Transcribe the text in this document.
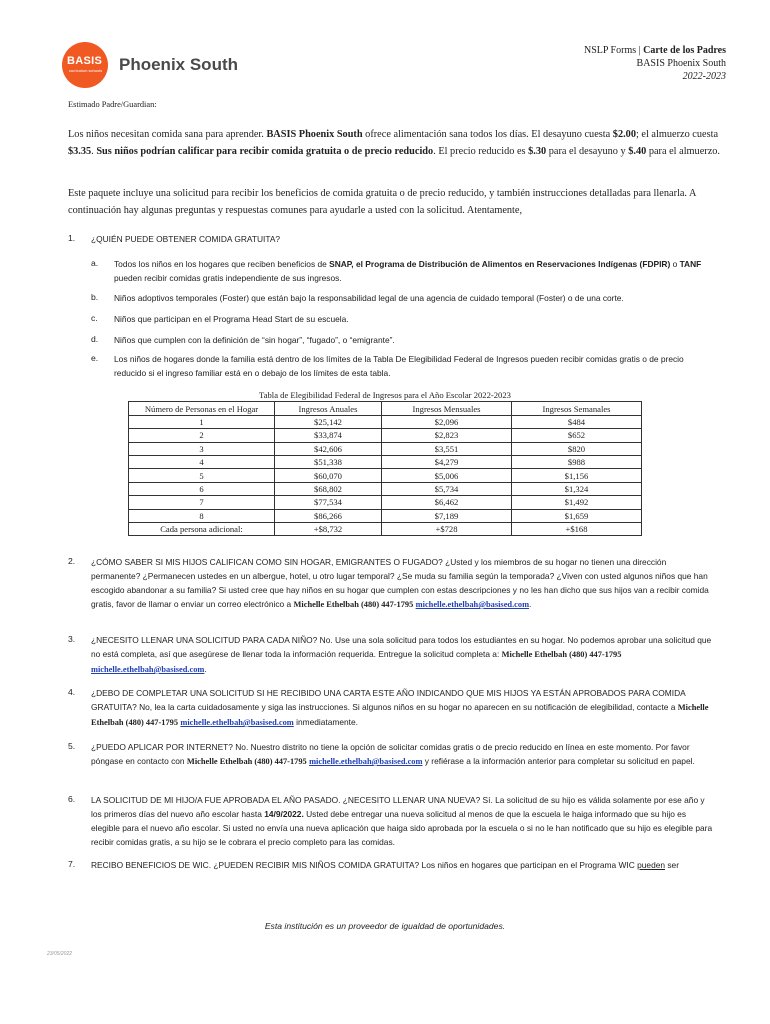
BASIS
curriculum schools Phoenix South
NSLP Forms | Carte de los Padres
BASIS Phoenix South
2022-2023
Estimado Padre/Guardian:
Los niños necesitan comida sana para aprender. BASIS Phoenix South ofrece alimentación sana todos los días. El desayuno cuesta $2.00; el almuerzo cuesta $3.35. Sus niños podrían calificar para recibir comida gratuita o de precio reducido. El precio reducido es $.30 para el desayuno y $.40 para el almuerzo.
Este paquete incluye una solicitud para recibir los beneficios de comida gratuita o de precio reducido, y también instrucciones detalladas para llenarla. A continuación hay algunas preguntas y respuestas comunes para ayudarle a usted con la solicitud. Atentamente,
1. ¿QUIÉN PUEDE OBTENER COMIDA GRATUITA?
a. Todos los niños en los hogares que reciben beneficios de SNAP, el Programa de Distribución de Alimentos en Reservaciones Indígenas (FDPIR) o TANF pueden recibir comidas gratis independiente de sus ingresos.
b. Niños adoptivos temporales (Foster) que están bajo la responsabilidad legal de una agencia de cuidado temporal (Foster) o de una corte.
c. Niños que participan en el Programa Head Start de su escuela.
d. Niños que cumplen con la definición de “sin hogar”, “fugado”, o “emigrante”.
e. Los niños de hogares donde la familia está dentro de los límites de la Tabla De Elegibilidad Federal de Ingresos pueden recibir comidas gratis o de precio reducido si el ingreso familiar está en o debajo de los límites de esta tabla.
Tabla de Elegibilidad Federal de Ingresos para el Año Escolar 2022-2023			
Número de Personas en el Hogar	Ingresos Anuales	Ingresos Mensuales	Ingresos Semanales
1	$25,142	$2,096	$484
2	$33,874	$2,823	$652
3	$42,606	$3,551	$820
4	$51,338	$4,279	$988
5	$60,070	$5,006	$1,156
6	$68,802	$5,734	$1,324
7	$77,534	$6,462	$1,492
8	$86,266	$7,189	$1,659
Cada persona adicional:	+$8,732	+$728	+$168
2. ¿CÓMO SABER SI MIS HIJOS CALIFICAN COMO SIN HOGAR, EMIGRANTES O FUGADO? ¿Usted y los miembros de su hogar no tienen una dirección permanente? ¿Permanecen ustedes en un albergue, hotel, u otro lugar temporal? ¿Se muda su familia según la temporada? ¿Viven con usted algunos niños que han escogido abandonar a su familia? Si usted cree que hay niños en su hogar que cumplen con estas descripciones y no les han dicho que sus hijos van a recibir comida gratis, favor de llamar o enviar un correo electrónico a Michelle Ethelbah (480) 447-1795 michelle.ethelbah@basised.com.
3. ¿NECESITO LLENAR UNA SOLICITUD PARA CADA NIÑO? No. Use una sola solicitud para todos los estudiantes en su hogar. No podemos aprobar una solicitud que no está completa, así que asegúrese de llenar toda la información requerida. Entregue la solicitud completa a: Michelle Ethelbah (480) 447-1795 michelle.ethelbah@basised.com.
4. ¿DEBO DE COMPLETAR UNA SOLICITUD SI HE RECIBIDO UNA CARTA ESTE AÑO INDICANDO QUE MIS HIJOS YA ESTÁN APROBADOS PARA COMIDA GRATUITA? No, lea la carta cuidadosamente y siga las instrucciones. Si algunos niños en su hogar no aparecen en su notificación de elegibilidad, contacte a Michelle Ethelbah (480) 447-1795 michelle.ethelbah@basised.com inmediatamente.
5. ¿PUEDO APLICAR POR INTERNET? No. Nuestro distrito no tiene la opción de solicitar comidas gratis o de precio reducido en línea en este momento. Por favor póngase en contacto con Michelle Ethelbah (480) 447-1795 michelle.ethelbah@basised.com y refiérase a la información anterior para completar su solicitud en papel.
6. LA SOLICITUD DE MI HIJO/A FUE APROBADA EL AÑO PASADO. ¿NECESITO LLENAR UNA NUEVA? Sí. La solicitud de su hijo es válida solamente por ese año y los primeros días del nuevo año escolar hasta 14/9/2022. Usted debe entregar una nueva solicitud al menos de que la escuela le haiga informado que su hijo es elegible para el nuevo año escolar. Si usted no envía una nueva aplicación que haiga sido aprobada por la escuela o si no le han notificado que su hijo es elegible para recibir comidas gratis, a su hijo se le cobrara el precio completo para las comidas.
7. RECIBO BENEFICIOS DE WIC. ¿PUEDEN RECIBIR MIS NIÑOS COMIDA GRATUITA? Los niños en hogares que participan en el Programa WIC pueden ser
Esta institución es un proveedor de igualdad de oportunidades.
23/05/2022
